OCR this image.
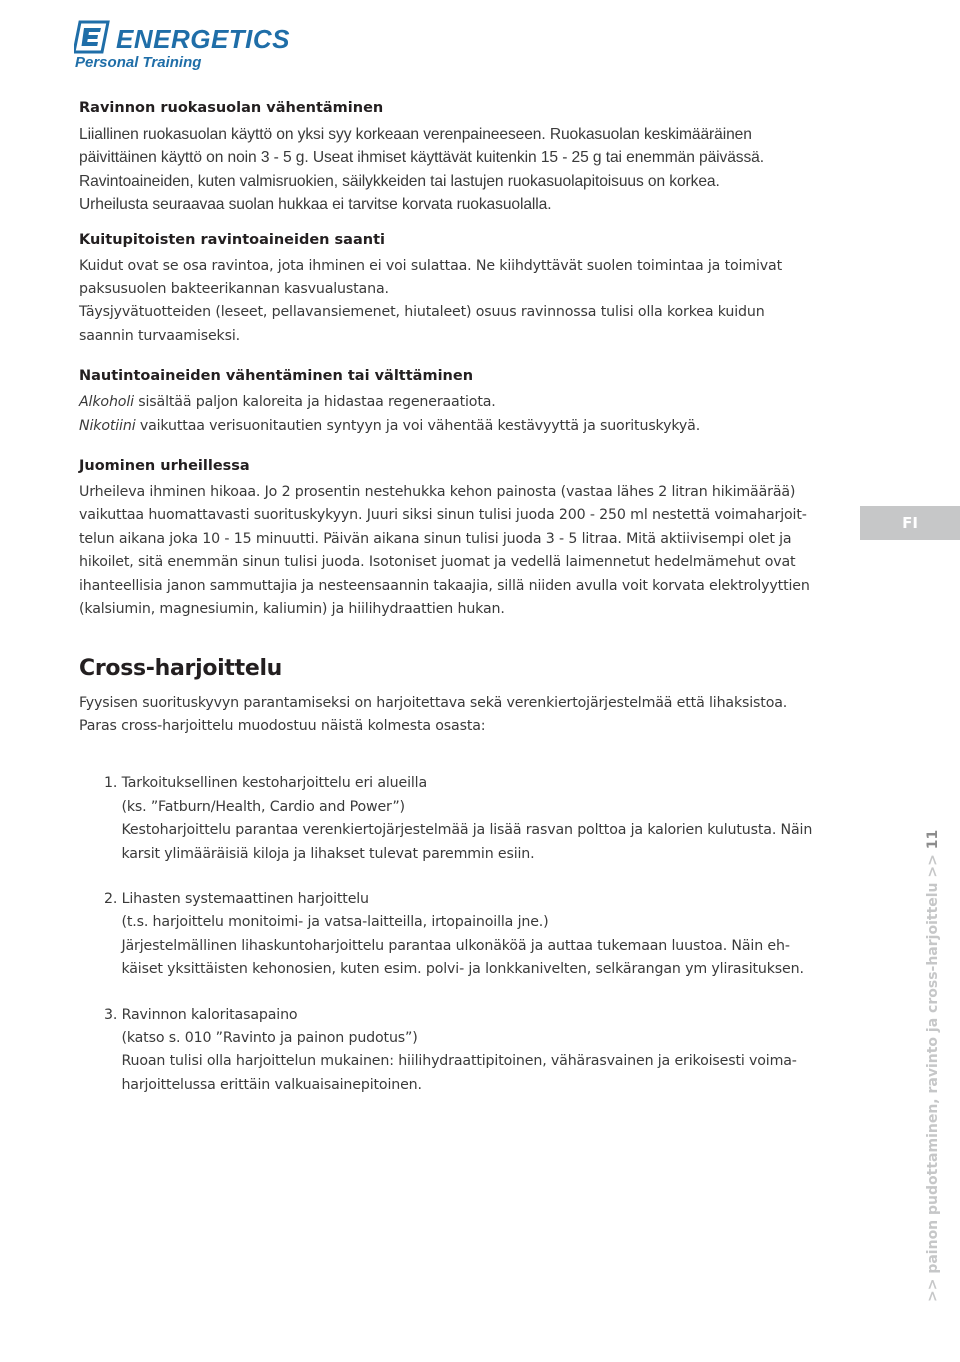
ENERGETICS
Personal Training
Ravinnon ruokasuolan vähentäminen

Liiallinen ruokasuolan käyttö on yksi syy korkeaan verenpaineeseen. Ruokasuolan keskimääräinen

päivittäinen käyttö on noin 3 - 5 g. Useat ihmiset käyttävät kuitenkin 15 - 25 g tai enemmän päivässä.

Ravintoaineiden, kuten valmisruokien, säilykkeiden tai lastujen ruokasuolapitoisuus on korkea.

Urheilusta seuraavaa suolan hukkaa ei tarvitse korvata ruokasuolalla.

Kuitupitoisten ravintoaineiden saanti

Kuidut ovat se osa ravintoa, jota ihminen ei voi sulattaa. Ne kiihdyttävät suolen toimintaa ja toimivat

paksusuolen bakteerikannan kasvualustana.

Täysjyvätuotteiden (leseet, pellavansiemenet, hiutaleet) osuus ravinnossa tulisi olla korkea kuidun

saannin turvaamiseksi.

Nautintoaineiden vähentäminen tai välttäminen

Alkoholi sisältää paljon kaloreita ja hidastaa regeneraatiota.

Nikotiini vaikuttaa verisuonitautien syntyyn ja voi vähentää kestävyyttä ja suorituskykyä.

Juominen urheillessa

Urheileva ihminen hikoaa. Jo 2 prosentin nestehukka kehon painosta (vastaa lähes 2 litran hikimäärää)

vaikuttaa huomattavasti suorituskykyyn. Juuri siksi sinun tulisi juoda 200 - 250 ml nestettä voimaharjoit-

telun aikana joka 10 - 15 minuutti. Päivän aikana sinun tulisi juoda 3 - 5 litraa. Mitä aktiivisempi olet ja

hikoilet, sitä enemmän sinun tulisi juoda. Isotoniset juomat ja vedellä laimennetut hedelmämehut ovat

ihanteellisia janon sammuttajia ja nesteensaannin takaajia, sillä niiden avulla voit korvata elektrolyyttien

(kalsiumin, magnesiumin, kaliumin) ja hiilihydraattien hukan.

Cross-harjoittelu

Fyysisen suorituskyvyn parantamiseksi on harjoitettava sekä verenkiertojärjestelmää että lihaksistoa.

Paras cross-harjoittelu muodostuu näistä kolmesta osasta:

1. Tarkoituksellinen kestoharjoittelu eri alueilla

(ks. ”Fatburn/Health, Cardio and Power”)

Kestoharjoittelu parantaa verenkiertojärjestelmää ja lisää rasvan polttoa ja kalorien kulutusta. Näin

karsit ylimääräisiä kiloja ja lihakset tulevat paremmin esiin.

2. Lihasten systemaattinen harjoittelu

(t.s. harjoittelu monitoimi- ja vatsa-laitteilla, irtopainoilla jne.)

Järjestelmällinen lihaskuntoharjoittelu parantaa ulkonäköä ja auttaa tukemaan luustoa. Näin eh-

käiset yksittäisten kehonosien, kuten esim. polvi- ja lonkkanivelten, selkärangan ym ylirasituksen.

3. Ravinnon kaloritasapaino

(katso s. 010 ”Ravinto ja painon pudotus”)

Ruoan tulisi olla harjoittelun mukainen: hiilihydraattipitoinen, vähärasvainen ja erikoisesti voima-

harjoittelussa erittäin valkuaisainepitoinen.

FI
>> painon pudottaminen, ravinto ja cross-harjoittelu >> 11
